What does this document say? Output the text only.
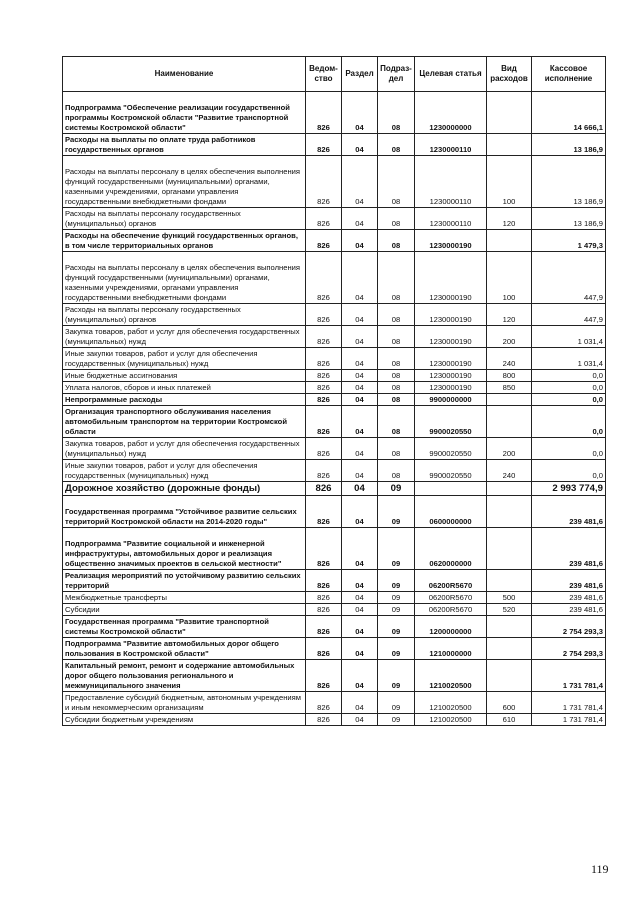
Наименование	Ведом-ство	Раздел	Подраз-дел	Целевая статья	Вид расходов	Кассовое исполнение
Подпрограмма "Обеспечение реализации государственной программы Костромской области "Развитие транспортной системы Костромской области"	826	04	08	1230000000		14 666,1
Расходы на выплаты по оплате труда работников государственных органов	826	04	08	1230000110		13 186,9
Расходы на выплаты персоналу в целях обеспечения выполнения функций государственными (муниципальными) органами, казенными учреждениями, органами управления государственными внебюджетными фондами	826	04	08	1230000110	100	13 186,9
Расходы на выплаты персоналу государственных (муниципальных) органов	826	04	08	1230000110	120	13 186,9
Расходы на обеспечение функций государственных органов, в том числе территориальных органов	826	04	08	1230000190		1 479,3
Расходы на выплаты персоналу в целях обеспечения выполнения функций государственными (муниципальными) органами, казенными учреждениями, органами управления государственными внебюджетными фондами	826	04	08	1230000190	100	447,9
Расходы на выплаты персоналу государственных (муниципальных) органов	826	04	08	1230000190	120	447,9
Закупка товаров, работ и услуг для обеспечения государственных (муниципальных) нужд	826	04	08	1230000190	200	1 031,4
Иные закупки товаров, работ и услуг для обеспечения государственных (муниципальных) нужд	826	04	08	1230000190	240	1 031,4
Иные бюджетные ассигнования	826	04	08	1230000190	800	0,0
Уплата налогов, сборов и иных платежей	826	04	08	1230000190	850	0,0
Непрограммные расходы	826	04	08	9900000000		0,0
Организация транспортного обслуживания населения автомобильным транспортом на территории Костромской области	826	04	08	9900020550		0,0
Закупка товаров, работ и услуг для обеспечения государственных (муниципальных) нужд	826	04	08	9900020550	200	0,0
Иные закупки товаров, работ и услуг для обеспечения государственных (муниципальных) нужд	826	04	08	9900020550	240	0,0
Дорожное хозяйство (дорожные фонды)	826	04	09			2 993 774,9
Государственная программа "Устойчивое развитие сельских территорий Костромской области на 2014-2020 годы"	826	04	09	0600000000		239 481,6
Подпрограмма "Развитие социальной и инженерной инфраструктуры, автомобильных дорог и реализация общественно значимых проектов в сельской местности"	826	04	09	0620000000		239 481,6
Реализация мероприятий по устойчивому развитию сельских территорий	826	04	09	06200R5670		239 481,6
Межбюджетные трансферты	826	04	09	06200R5670	500	239 481,6
Субсидии	826	04	09	06200R5670	520	239 481,6
Государственная программа "Развитие транспортной системы Костромской области"	826	04	09	1200000000		2 754 293,3
Подпрограмма "Развитие автомобильных дорог общего пользования в Костромской области"	826	04	09	1210000000		2 754 293,3
Капитальный ремонт, ремонт и содержание автомобильных дорог общего пользования регионального и межмуниципального значения	826	04	09	1210020500		1 731 781,4
Предоставление субсидий бюджетным, автономным учреждениям и иным некоммерческим организациям	826	04	09	1210020500	600	1 731 781,4
Субсидии бюджетным учреждениям	826	04	09	1210020500	610	1 731 781,4
119
